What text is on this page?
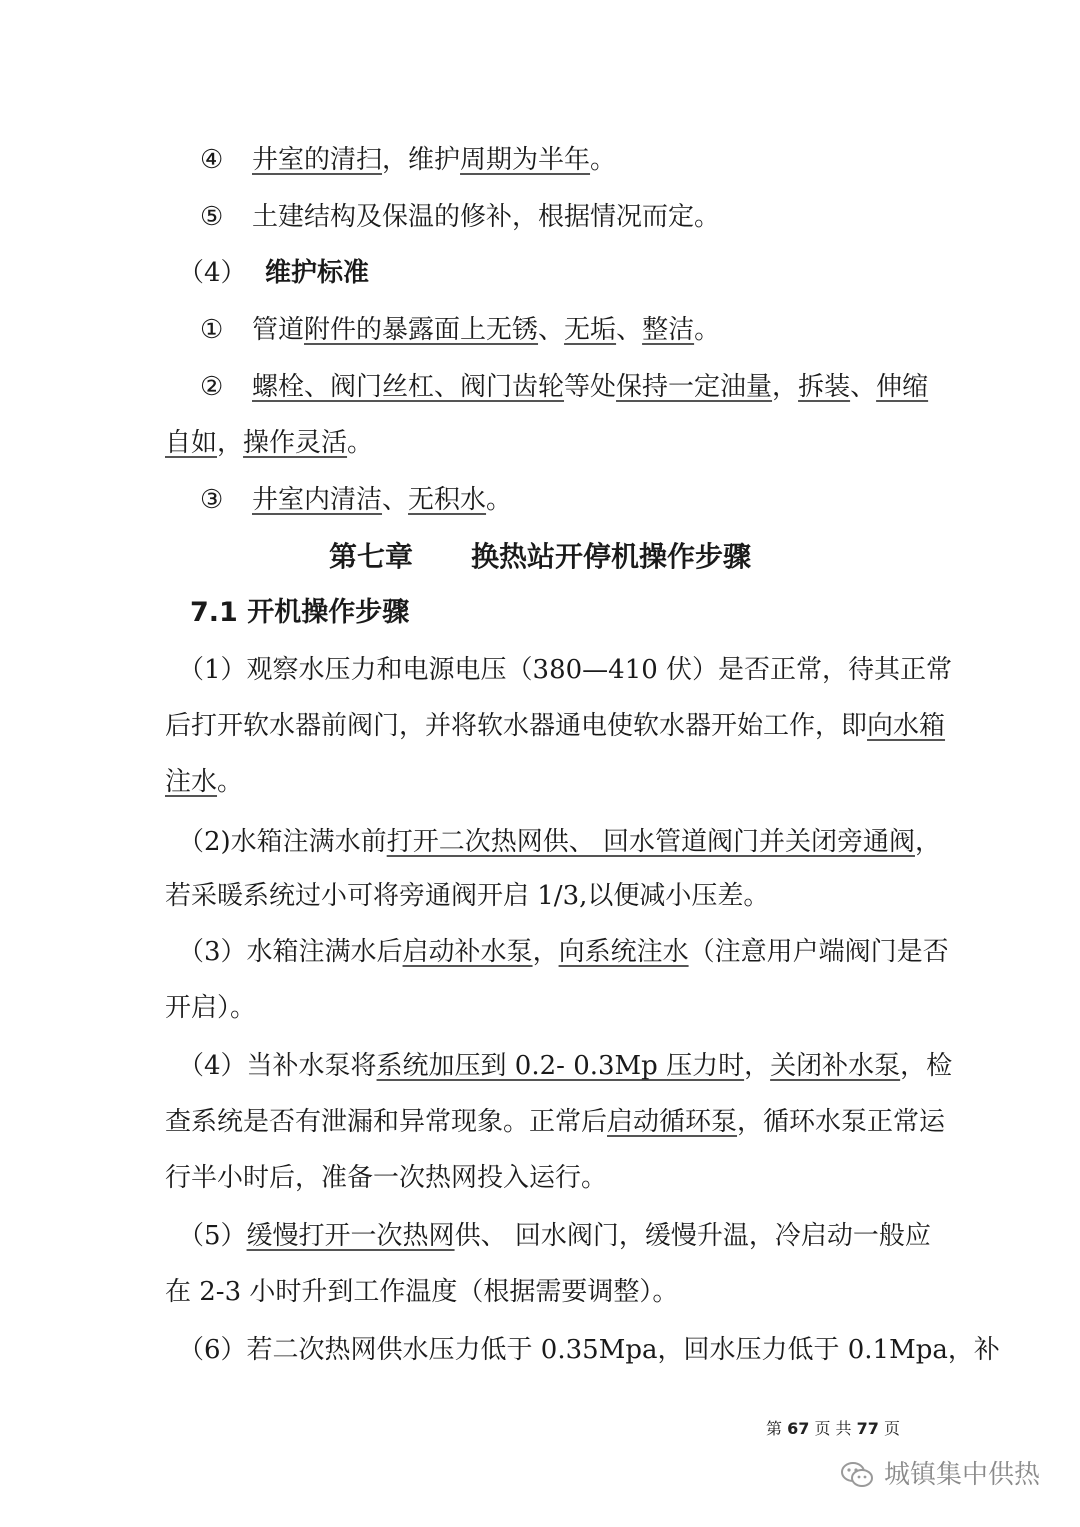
④ 井室的清扫，维护周期为半年。
⑤ 土建结构及保温的修补，根据情况而定。
（4） 维护标准
① 管道附件的暴露面上无锈、无垢、整洁。
② 螺栓、阀门丝杠、阀门齿轮等处保持一定油量，拆装、伸缩
自如，操作灵活。
③ 井室内清洁、无积水。
第七章 换热站开停机操作步骤
7.1 开机操作步骤
（1）观察水压力和电源电压（380—410 伏）是否正常，待其正常
后打开软水器前阀门，并将软水器通电使软水器开始工作，即向水箱
注水。
（2)水箱注满水前打开二次热网供、 回水管道阀门并关闭旁通阀，
若采暖系统过小可将旁通阀开启 1/3,以便减小压差。
（3）水箱注满水后启动补水泵，向系统注水（注意用户端阀门是否
开启）。
（4）当补水泵将系统加压到 0.2- 0.3Mp 压力时，关闭补水泵，检
查系统是否有泄漏和异常现象。正常后启动循环泵，循环水泵正常运
行半小时后，准备一次热网投入运行。
（5）缓慢打开一次热网供、 回水阀门，缓慢升温，冷启动一般应
在 2-3 小时升到工作温度（根据需要调整）。
（6）若二次热网供水压力低于 0.35Mpa，回水压力低于 0.1Mpa，补
第 67 页 共 77 页
城镇集中供热
